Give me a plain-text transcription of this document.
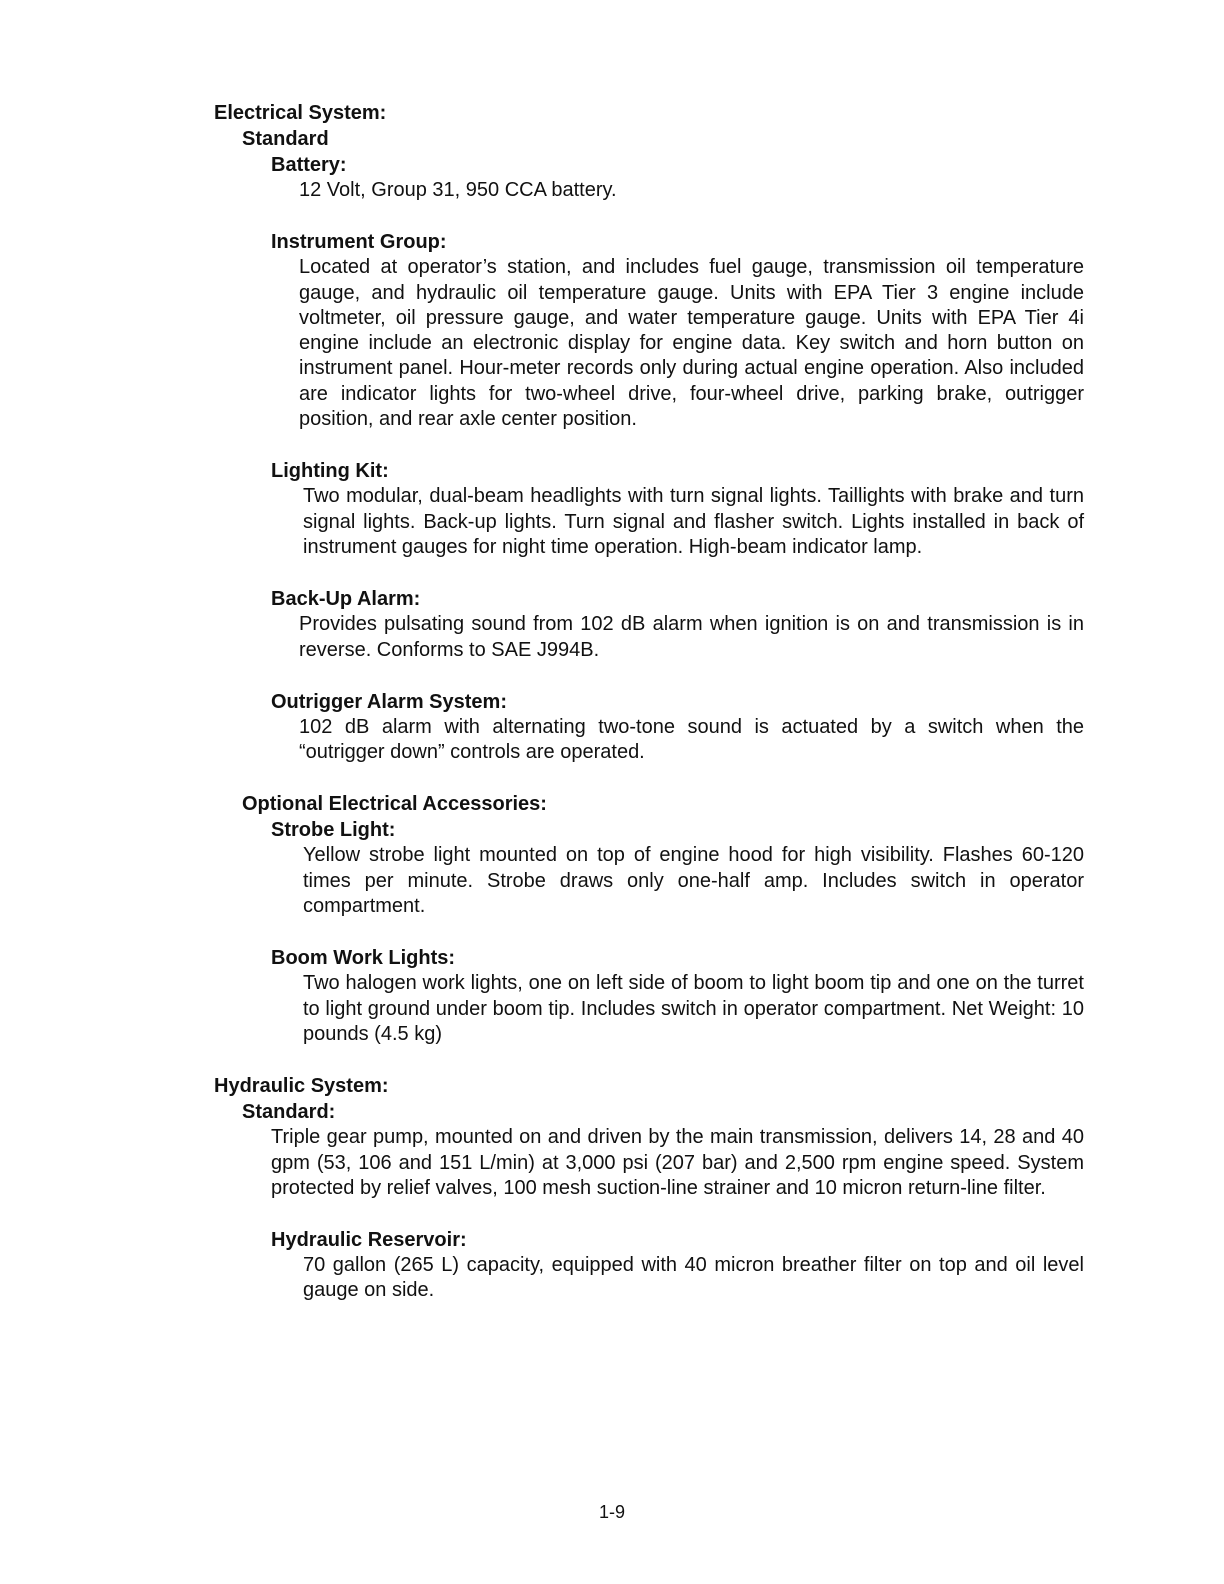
Electrical System:

Standard

Battery:

12 Volt, Group 31, 950 CCA battery.

Instrument Group:

Located at operator’s station, and includes fuel gauge, transmission oil temperature gauge, and hydraulic oil temperature gauge. Units with EPA Tier 3 engine include voltmeter, oil pressure gauge, and water temperature gauge. Units with EPA Tier 4i engine include an electronic display for engine data. Key switch and horn button on instrument panel. Hour-meter records only during actual engine operation. Also included are indicator lights for two-wheel drive, four-wheel drive, parking brake, outrigger position, and rear axle center position.

Lighting Kit:

Two modular, dual-beam headlights with turn signal lights. Taillights with brake and turn signal lights. Back-up lights. Turn signal and flasher switch. Lights installed in back of instrument gauges for night time operation. High-beam indicator lamp.

Back-Up Alarm:

Provides pulsating sound from 102 dB alarm when ignition is on and transmission is in reverse. Conforms to SAE J994B.

Outrigger Alarm System:

102 dB alarm with alternating two-tone sound is actuated by a switch when the “outrigger down” controls are operated.

Optional Electrical Accessories:

Strobe Light:

Yellow strobe light mounted on top of engine hood for high visibility. Flashes 60-120 times per minute. Strobe draws only one-half amp. Includes switch in operator compartment.

Boom Work Lights:

Two halogen work lights, one on left side of boom to light boom tip and one on the turret to light ground under boom tip. Includes switch in operator compartment. Net Weight: 10 pounds (4.5 kg)

Hydraulic System:

Standard:

Triple gear pump, mounted on and driven by the main transmission, delivers 14, 28 and 40 gpm (53, 106 and 151 L/min) at 3,000 psi (207 bar) and 2,500 rpm engine speed. System protected by relief valves, 100 mesh suction-line strainer and 10 micron return-line filter.

Hydraulic Reservoir:

70 gallon (265 L) capacity, equipped with 40 micron breather filter on top and oil level gauge on side.

1-9
